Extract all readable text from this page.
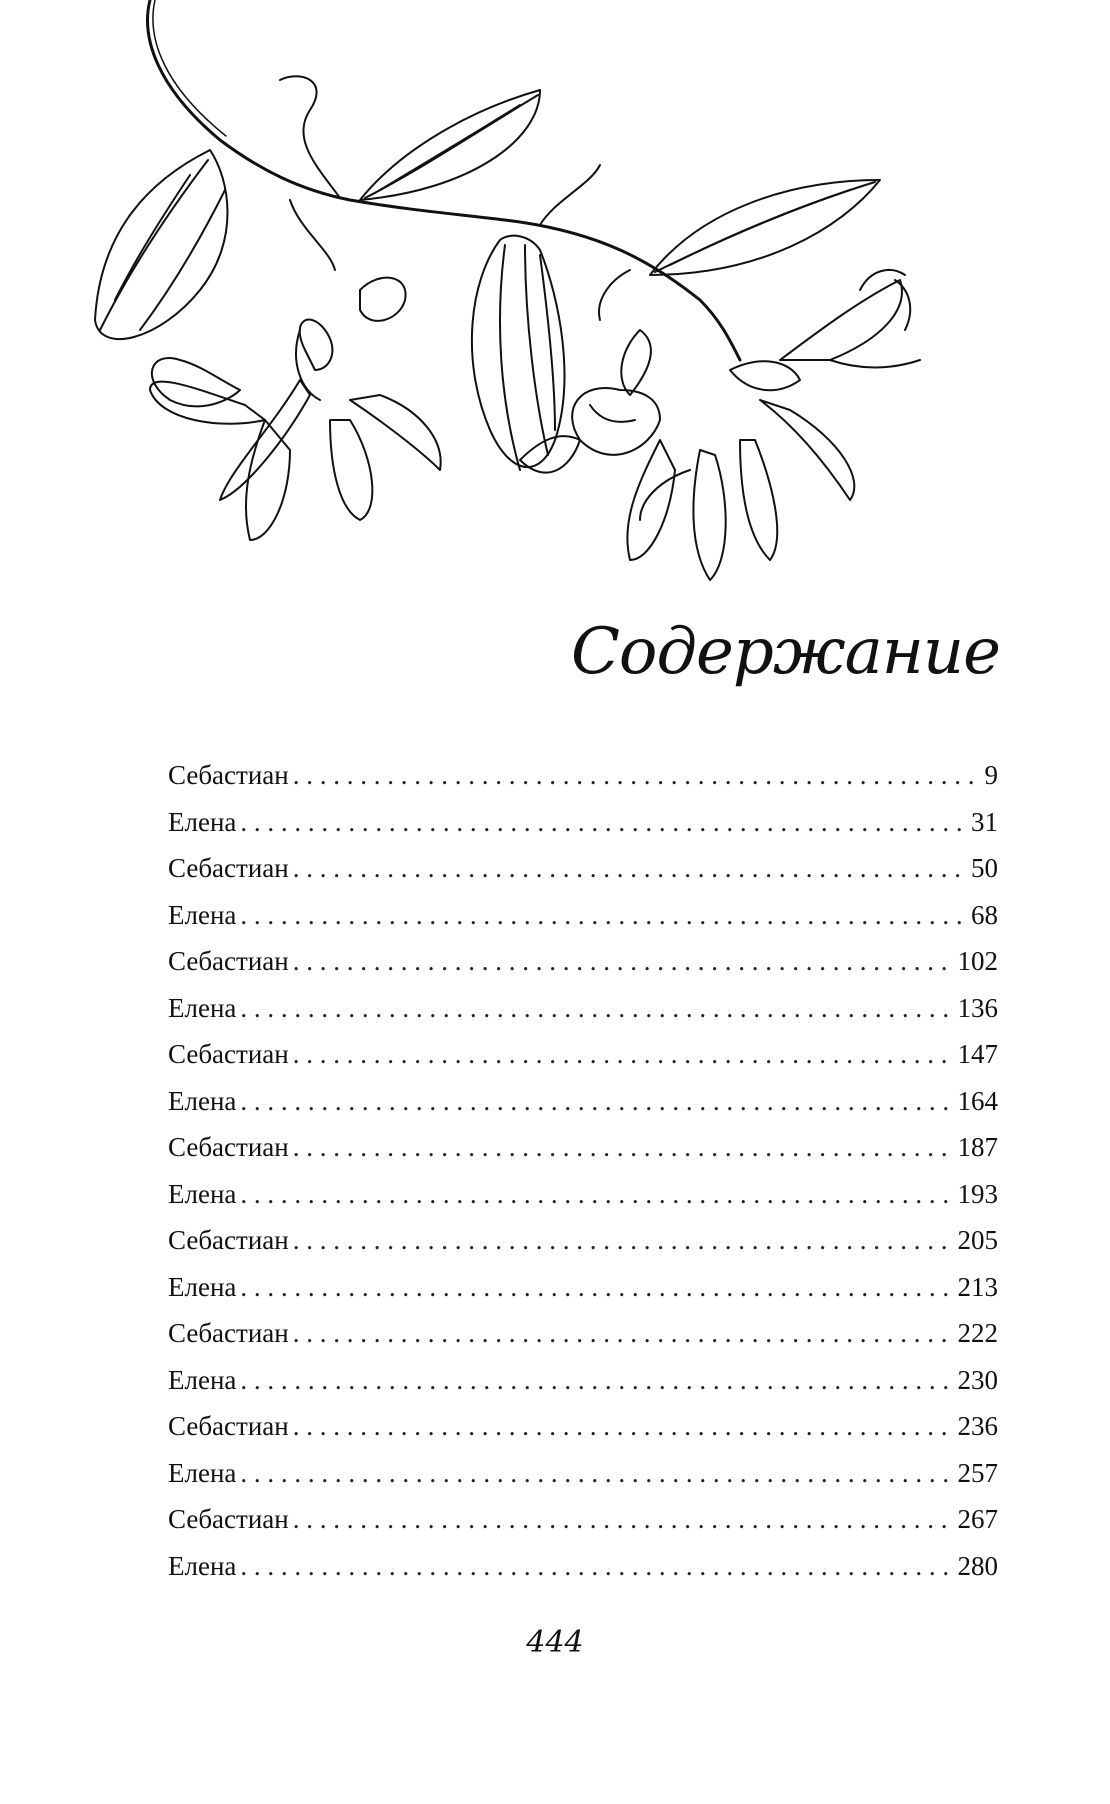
Содержание
Себастиан . . .	9
Елена . . .	31
Себастиан . . .	50
Елена . . .	68
Себастиан . . .	102
Елена . . .	136
Себастиан . . .	147
Елена . . .	164
Себастиан . . .	187
Елена . . .	193
Себастиан . . .	205
Елена . . .	213
Себастиан . . .	222
Елена . . .	230
Себастиан . . .	236
Елена . . .	257
Себастиан . . .	267
Елена . . .	280
444
